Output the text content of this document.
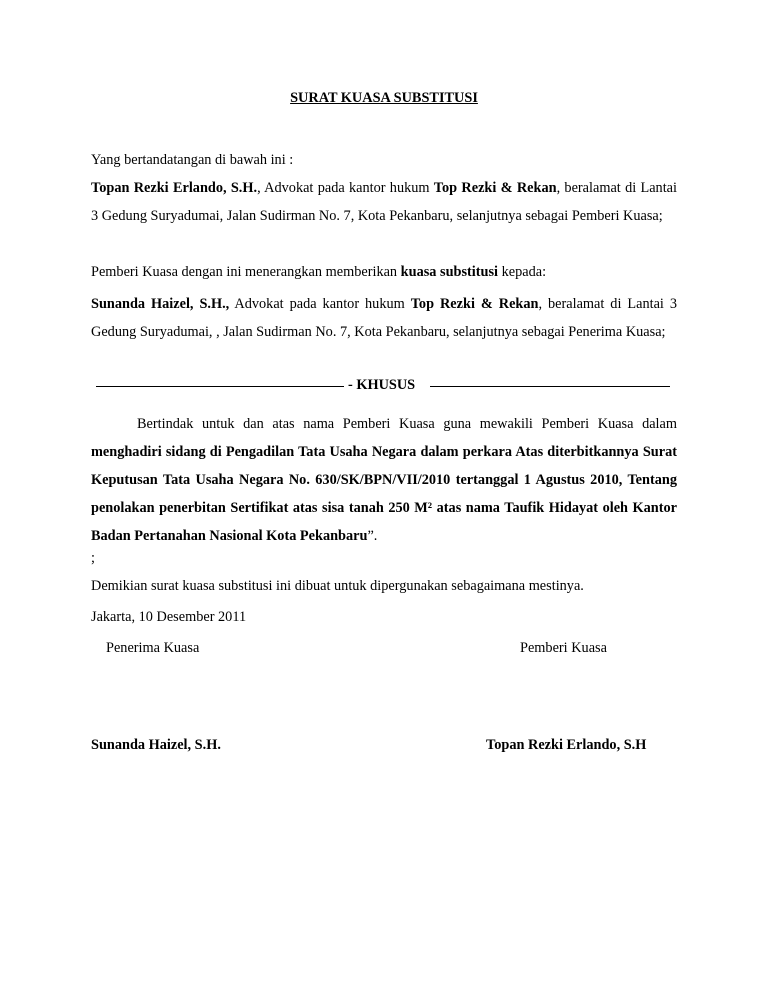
SURAT KUASA SUBSTITUSI
Yang bertandatangan di bawah ini :
Topan Rezki Erlando, S.H., Advokat pada kantor hukum Top Rezki & Rekan, beralamat di Lantai 3 Gedung Suryadumai, Jalan Sudirman No. 7, Kota Pekanbaru, selanjutnya sebagai Pemberi Kuasa;
Pemberi Kuasa dengan ini menerangkan memberikan kuasa substitusi kepada:
Sunanda Haizel, S.H., Advokat pada kantor hukum Top Rezki & Rekan, beralamat di Lantai 3 Gedung Suryadumai, , Jalan Sudirman No. 7, Kota Pekanbaru, selanjutnya sebagai Penerima Kuasa;
- KHUSUS
Bertindak untuk dan atas nama Pemberi Kuasa guna mewakili Pemberi Kuasa dalam menghadiri sidang di Pengadilan Tata Usaha Negara dalam perkara Atas diterbitkannya Surat Keputusan Tata Usaha Negara No. 630/SK/BPN/VII/2010 tertanggal 1 Agustus 2010, Tentang penolakan penerbitan Sertifikat atas sisa tanah 250 M² atas nama Taufik Hidayat oleh Kantor Badan Pertanahan Nasional Kota Pekanbaru”.
;
Demikian surat kuasa substitusi ini dibuat untuk dipergunakan sebagaimana mestinya.
Jakarta, 10 Desember 2011
Penerima Kuasa	Pemberi Kuasa
Sunanda Haizel, S.H.	Topan Rezki Erlando, S.H
